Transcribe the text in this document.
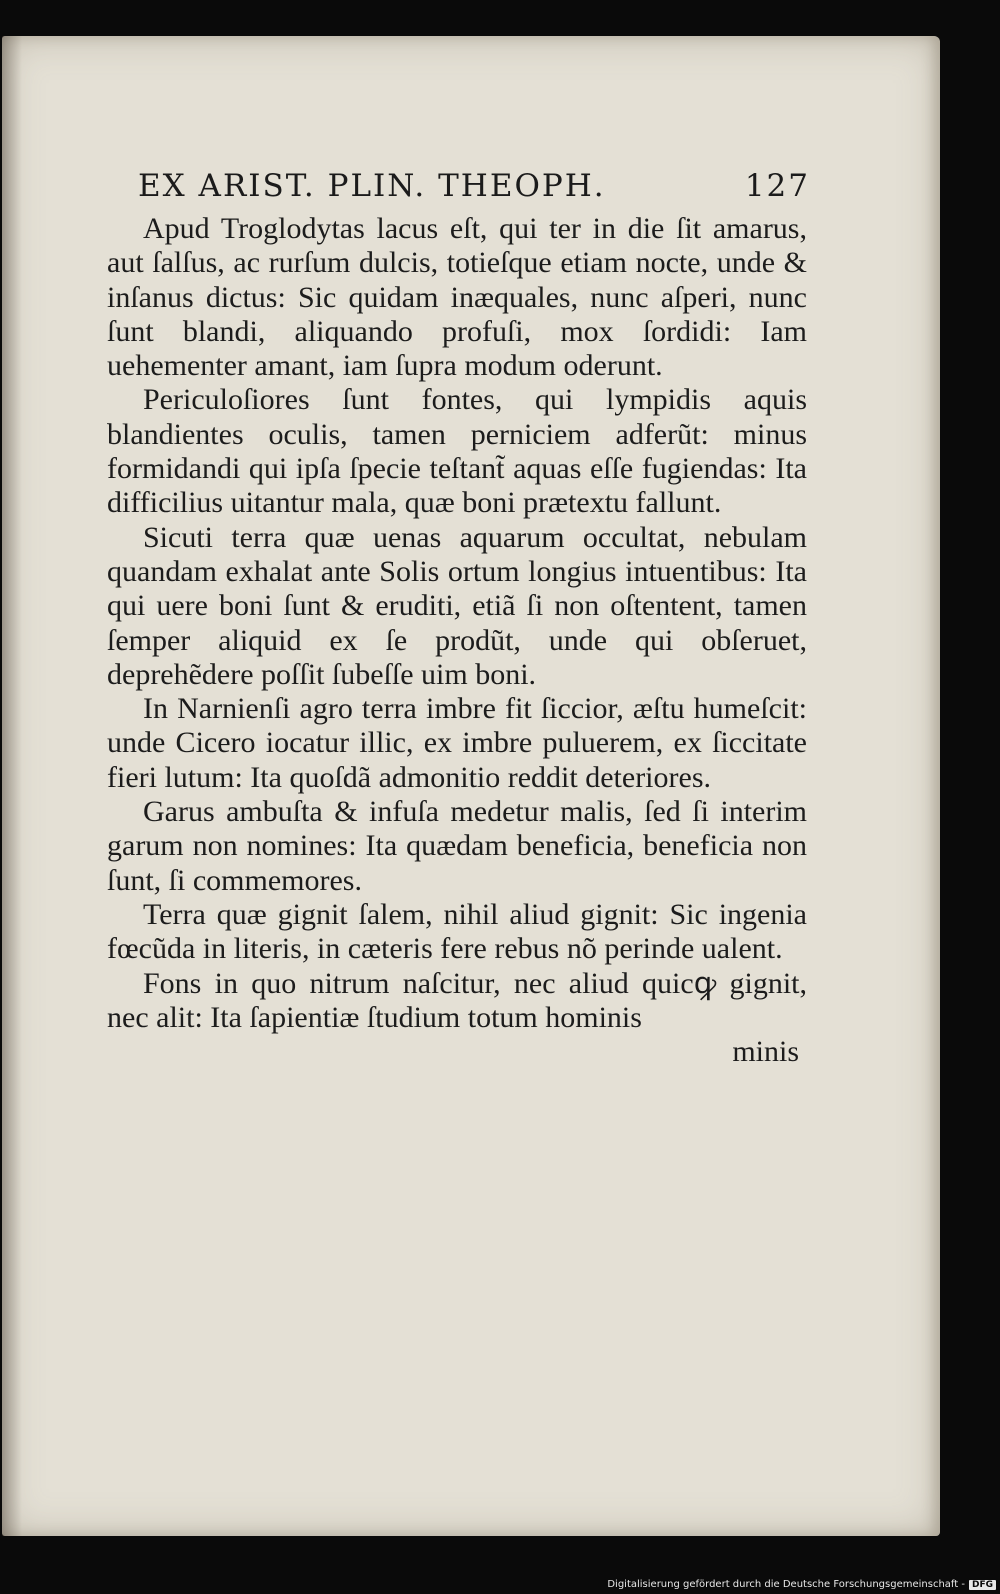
EX ARIST. PLIN. THEOPH.	127

Apud Troglodytas lacus eſt, qui ter in die ſit amarus, aut ſalſus, ac rurſum dulcis, totieſque etiam nocte, unde & inſanus dictus: Sic quidam inæquales, nunc aſperi, nunc ſunt blandi, aliquando profuſi, mox ſordidi: Iam uehementer amant, iam ſupra modum oderunt.

Periculoſiores ſunt fontes, qui lympidis aquis blandientes oculis, tamen perniciem adferũt: minus formidandi qui ipſa ſpecie teſtant̃ aquas eſſe fugiendas: Ita difficilius uitantur mala, quæ boni prætextu fallunt.

Sicuti terra quæ uenas aquarum occultat, nebulam quandam exhalat ante Solis ortum longius intuentibus: Ita qui uere boni ſunt & eruditi, etiã ſi non oſtentent, tamen ſemper aliquid ex ſe prodũt, unde qui obſeruet, deprehẽdere poſſit ſubeſſe uim boni.

In Narnienſi agro terra imbre fit ſiccior, æſtu humeſcit: unde Cicero iocatur illic, ex imbre puluerem, ex ſiccitate fieri lutum: Ita quoſdã admonitio reddit deteriores.

Garus ambuſta & infuſa medetur malis, ſed ſi interim garum non nomines: Ita quædam beneficia, beneficia non ſunt, ſi commemores.

Terra quæ gignit ſalem, nihil aliud gignit: Sic ingenia fœcũda in literis, in cæteris fere rebus nõ perinde ualent.

Fons in quo nitrum naſcitur, nec aliud quicꝙ gignit, nec alit: Ita ſapientiæ ſtudium totum hominis

minis
Digitalisierung gefördert durch die Deutsche Forschungsgemeinschaft - DFG
